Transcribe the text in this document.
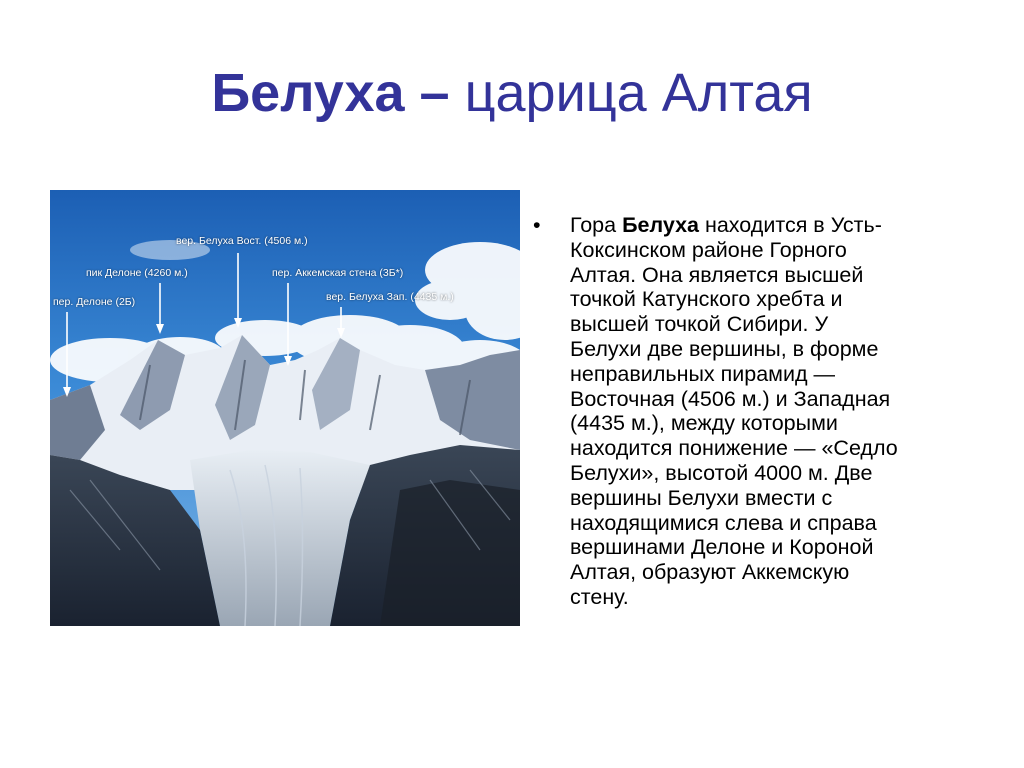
Белуха – царица Алтая
вер. Белуха Вост. (4506 м.)
пик Делоне (4260 м.)	пер. Аккемская стена (3Б*)
пер. Делоне (2Б)	вер. Белуха Зап. (4435 м.)
• Гора Белуха находится в Усть-
Коксинском районе Горного
Алтая. Она является высшей
точкой Катунского хребта и
высшей точкой Сибири. У
Белухи две вершины, в форме
неправильных пирамид —
Восточная (4506 м.) и Западная
(4435 м.), между которыми
находится понижение — «Седло
Белухи», высотой 4000 м. Две
вершины Белухи вмести с
находящимися слева и справа
вершинами Делоне и Короной
Алтая, образуют Аккемскую
стену.
